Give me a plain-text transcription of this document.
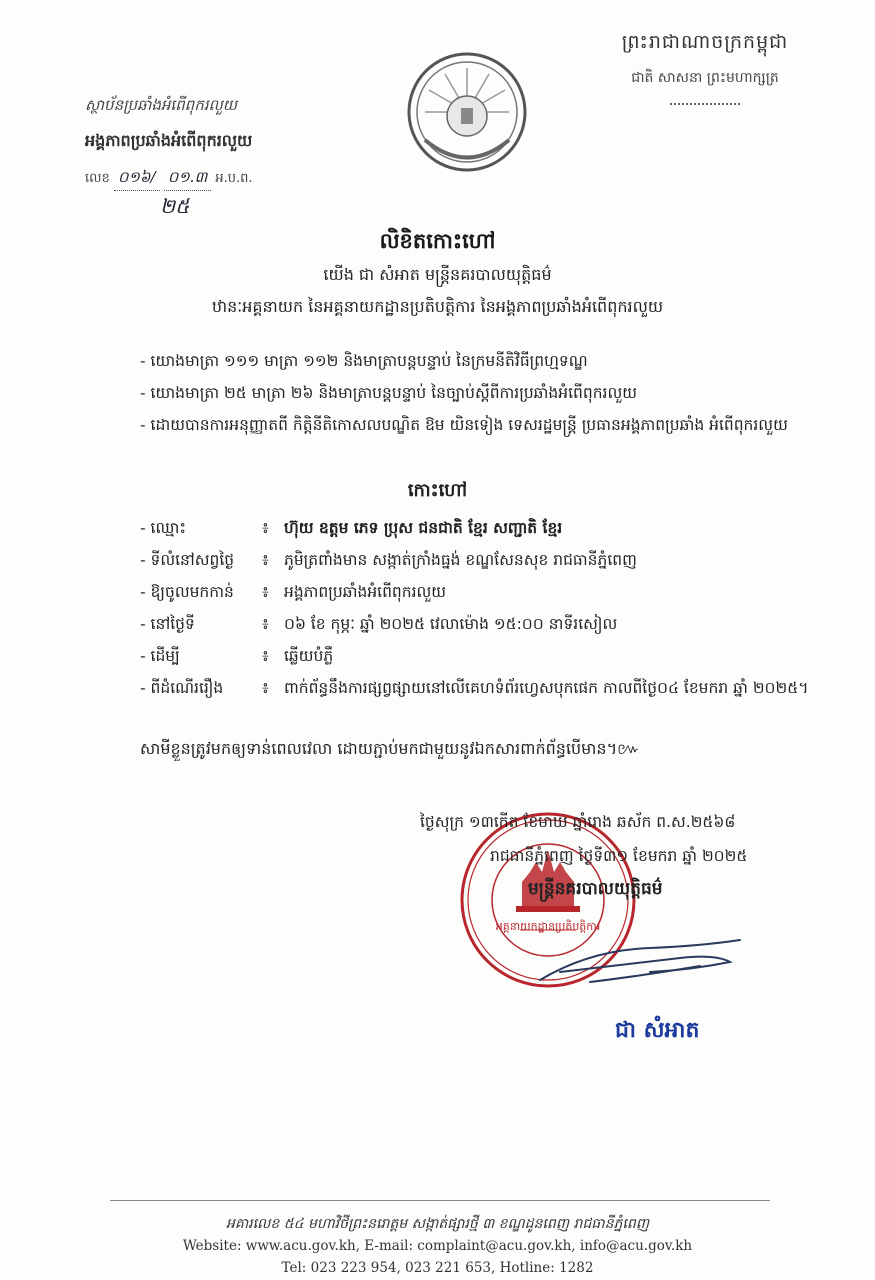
ព្រះរាជាណាចក្រកម្ពុជា
ជាតិ សាសនា ព្រះមហាក្សត្រ
ស្ថាប័នប្រឆាំងអំពើពុករលួយ
អង្គភាពប្រឆាំងអំពើពុករលួយ
លេខ ០១៦/ ០១.៣ អ.ប.ព.
២៥
លិខិតកោះហៅ
យើង ជា សំអាត មន្រ្តីនគរបាលយុត្តិធម៌
ឋានៈអគ្គនាយក នៃអគ្គនាយកដ្ឋានប្រតិបត្តិការ នៃអង្គភាពប្រឆាំងអំពើពុករលួយ
- យោងមាត្រា ១១១ មាត្រា ១១២ និងមាត្រាបន្តបន្ទាប់ នៃក្រមនីតិវិធីព្រហ្មទណ្ឌ
- យោងមាត្រា ២៥ មាត្រា ២៦ និងមាត្រាបន្តបន្ទាប់ នៃច្បាប់ស្តីពីការប្រឆាំងអំពើពុករលួយ
- ដោយបានការអនុញ្ញាតពី កិត្តិនីតិកោសលបណ្ឌិត ឱម យិនទៀង ទេសរដ្ឋមន្ត្រី ប្រធានអង្គភាពប្រឆាំង អំពើពុករលួយ
កោះហៅ
- ឈ្មោះ	៖ ហ៊ុយ ឧត្តម ភេទ ប្រុស ជនជាតិ ខ្មែរ សញ្ជាតិ ខ្មែរ
- ទីលំនៅសព្វថ្ងៃ	៖ ភូមិត្រពាំងមាន សង្កាត់ក្រាំងធ្នង់ ខណ្ឌសែនសុខ រាជធានីភ្នំពេញ
- ឱ្យចូលមកកាន់	៖ អង្គភាពប្រឆាំងអំពើពុករលួយ
- នៅថ្ងៃទី	៖ ០៦ ខែ កុម្ភៈ ឆ្នាំ ២០២៥ វេលាម៉ោង ១៥:០០ នាទីរសៀល
- ដើម្បី	៖ ឆ្លើយបំភ្លឺ
- ពីដំណើររឿង	៖ ពាក់ព័ន្ធនឹងការផ្សព្វផ្សាយនៅលើគេហទំព័រហ្វេសបុកផេក កាលពីថ្ងៃ០៤ ខែមករា ឆ្នាំ ២០២៥។
សាមីខ្លួនត្រូវមកឲ្យទាន់ពេលវេលា ដោយភ្ជាប់មកជាមួយនូវឯកសារពាក់ព័ន្ធបើមាន។៚
អគ្គនាយកដ្ឋានប្រតិបត្តិការ
ថ្ងៃសុក្រ ១៣កើត ខែមាឃ ឆ្នាំរោង ឆស័ក ព.ស.២៥៦៨
រាជធានីភ្នំពេញ ថ្ងៃទី៣១ ខែមករា ឆ្នាំ ២០២៥
មន្ត្រីនគរបាលយុត្តិធម៌
ជា សំអាត
អគារលេខ ៥៤ មហាវិថីព្រះនរោត្តម សង្កាត់ផ្សារថ្មី ៣ ខណ្ឌដូនពេញ រាជធានីភ្នំពេញ
Website: www.acu.gov.kh, E-mail: complaint@acu.gov.kh, info@acu.gov.kh
Tel: 023 223 954, 023 221 653, Hotline: 1282
